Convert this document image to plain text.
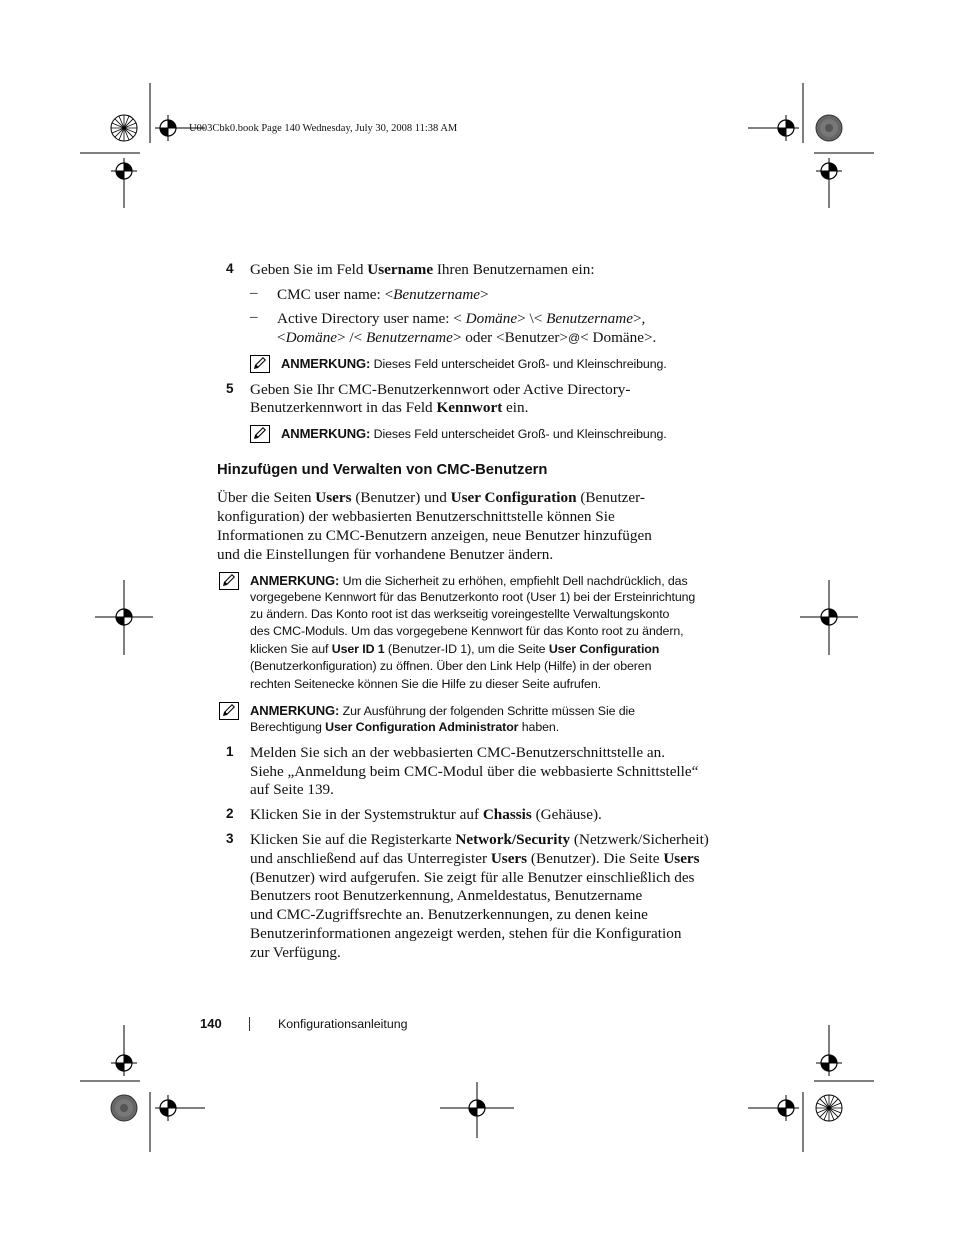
U003Cbk0.book Page 140 Wednesday, July 30, 2008 11:38 AM
4 Geben Sie im Feld Username Ihren Benutzernamen ein:
– CMC user name: <Benutzername>
– Active Directory user name: < Domäne> \< Benutzername>,
<Domäne> /< Benutzername> oder <Benutzer>@< Domäne>.
ANMERKUNG: Dieses Feld unterscheidet Groß- und Kleinschreibung.
5 Geben Sie Ihr CMC-Benutzerkennwort oder Active Directory-
Benutzerkennwort in das Feld Kennwort ein.
ANMERKUNG: Dieses Feld unterscheidet Groß- und Kleinschreibung.
Hinzufügen und Verwalten von CMC-Benutzern
Über die Seiten Users (Benutzer) und User Configuration (Benutzer-
konfiguration) der webbasierten Benutzerschnittstelle können Sie
Informationen zu CMC-Benutzern anzeigen, neue Benutzer hinzufügen
und die Einstellungen für vorhandene Benutzer ändern.
ANMERKUNG: Um die Sicherheit zu erhöhen, empfiehlt Dell nachdrücklich, das
vorgegebene Kennwort für das Benutzerkonto root (User 1) bei der Ersteinrichtung
zu ändern. Das Konto root ist das werkseitig voreingestellte Verwaltungskonto
des CMC-Moduls. Um das vorgegebene Kennwort für das Konto root zu ändern,
klicken Sie auf User ID 1 (Benutzer-ID 1), um die Seite User Configuration
(Benutzerkonfiguration) zu öffnen. Über den Link Help (Hilfe) in der oberen
rechten Seitenecke können Sie die Hilfe zu dieser Seite aufrufen.
ANMERKUNG: Zur Ausführung der folgenden Schritte müssen Sie die
Berechtigung User Configuration Administrator haben.
1 Melden Sie sich an der webbasierten CMC-Benutzerschnittstelle an.
Siehe „Anmeldung beim CMC-Modul über die webbasierte Schnittstelle“
auf Seite 139.
2 Klicken Sie in der Systemstruktur auf Chassis (Gehäuse).
3 Klicken Sie auf die Registerkarte Network/Security (Netzwerk/Sicherheit)
und anschließend auf das Unterregister Users (Benutzer). Die Seite Users
(Benutzer) wird aufgerufen. Sie zeigt für alle Benutzer einschließlich des
Benutzers root Benutzerkennung, Anmeldestatus, Benutzername
und CMC-Zugriffsrechte an. Benutzerkennungen, zu denen keine
Benutzerinformationen angezeigt werden, stehen für die Konfiguration
zur Verfügung.
140	Konfigurationsanleitung
